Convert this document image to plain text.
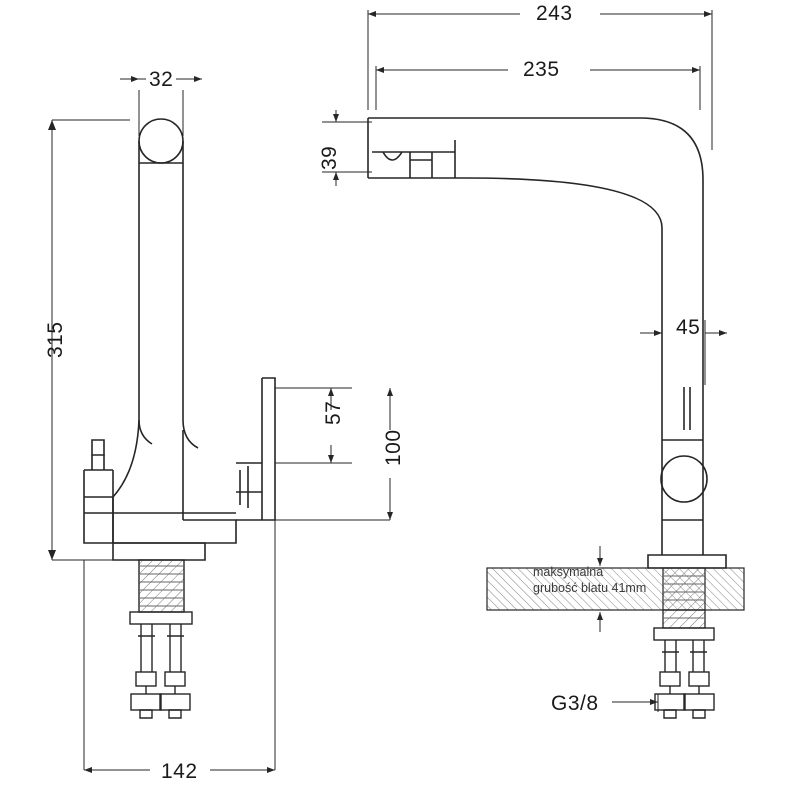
243
235
39
45
32
315
57
100
142
G3/8
maksymalna
grubość blatu 41mm
